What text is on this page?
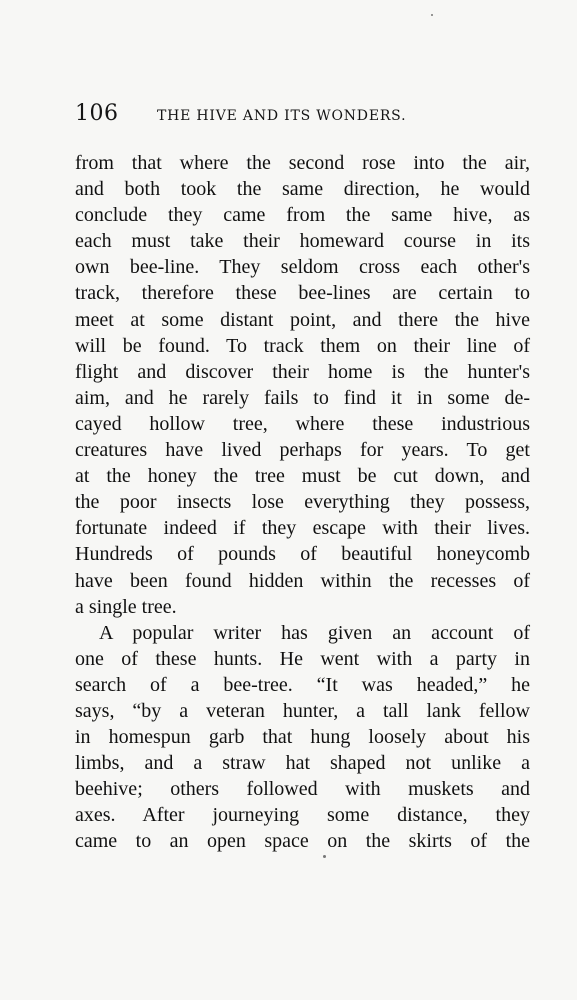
106	THE HIVE AND ITS WONDERS.
from that where the second rose into the air,
and both took the same direction, he would
conclude they came from the same hive, as
each must take their homeward course in its
own bee-line. They seldom cross each other's
track, therefore these bee-lines are certain to
meet at some distant point, and there the hive
will be found. To track them on their line of
flight and discover their home is the hunter's
aim, and he rarely fails to find it in some de-
cayed hollow tree, where these industrious
creatures have lived perhaps for years. To get
at the honey the tree must be cut down, and
the poor insects lose everything they possess,
fortunate indeed if they escape with their lives.
Hundreds of pounds of beautiful honeycomb
have been found hidden within the recesses of
a single tree.
A popular writer has given an account of
one of these hunts. He went with a party in
search of a bee-tree. “It was headed,” he
says, “by a veteran hunter, a tall lank fellow
in homespun garb that hung loosely about his
limbs, and a straw hat shaped not unlike a
beehive; others followed with muskets and
axes. After journeying some distance, they
came to an open space on the skirts of the
